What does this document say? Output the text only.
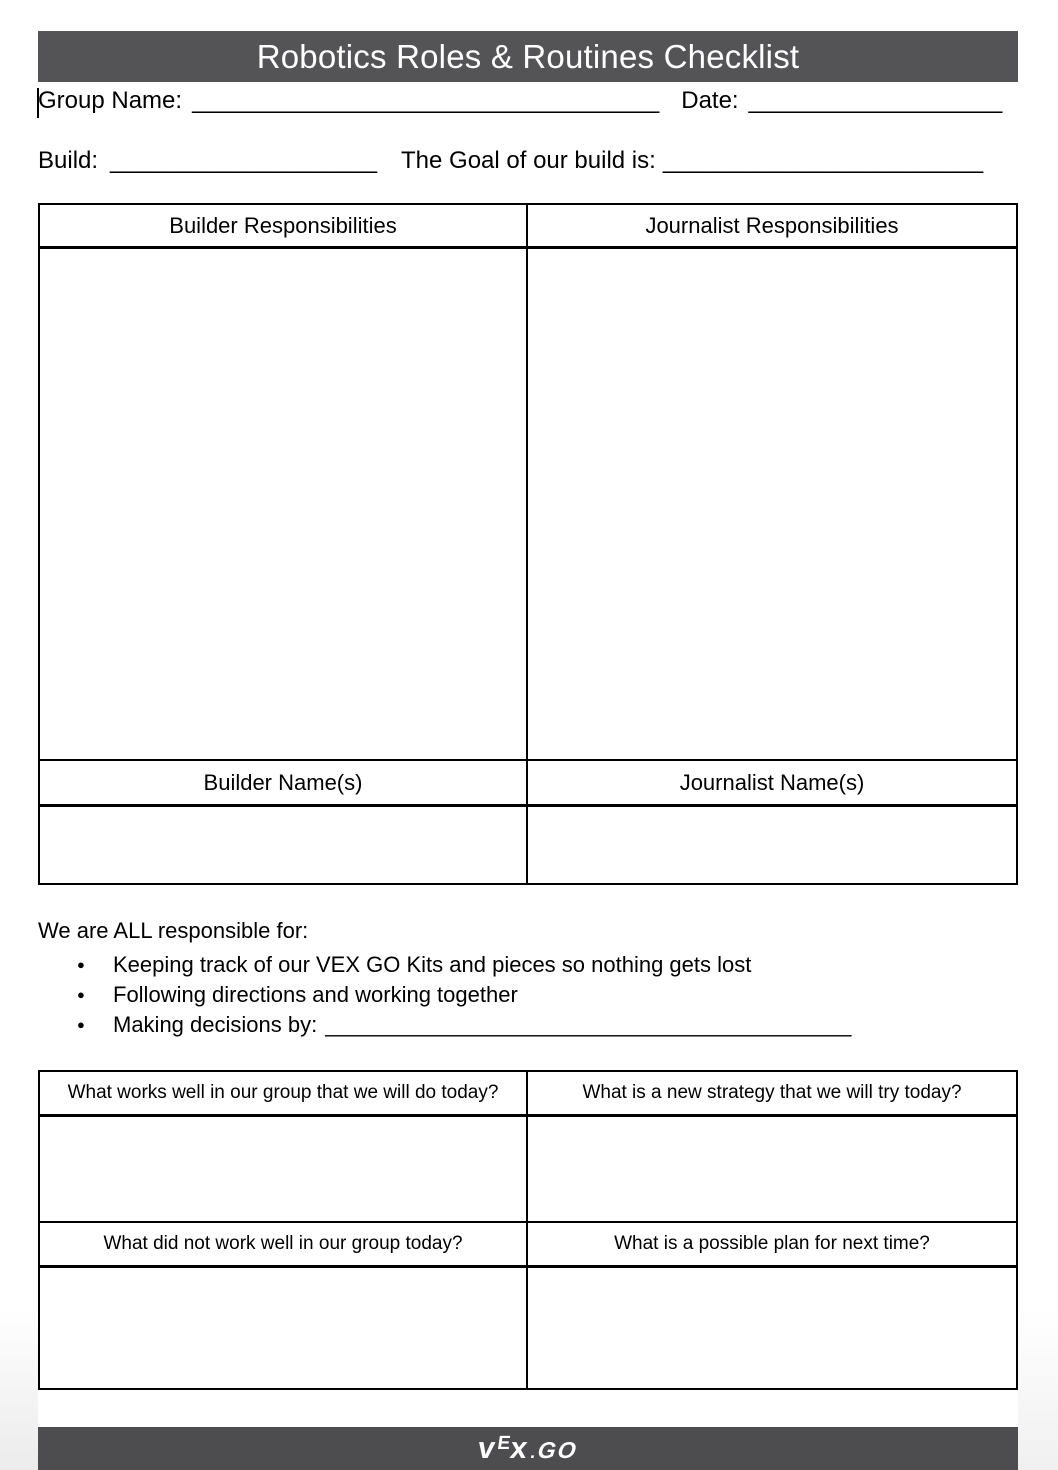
Robotics Roles & Routines Checklist
Group Name: ___________________________________ Date: ___________________
Build: ____________________ The Goal of our build is: ________________________
Builder Responsibilities	Journalist Responsibilities
Builder Name(s)	Journalist Name(s)
We are ALL responsible for:
●	Keeping track of our VEX GO Kits and pieces so nothing gets lost
●	Following directions and working together
●	Making decisions by: ___________________________________________
What works well in our group that we will do today?	What is a new strategy that we will try today?
What did not work well in our group today?	What is a possible plan for next time?
v
E
x
. GO
